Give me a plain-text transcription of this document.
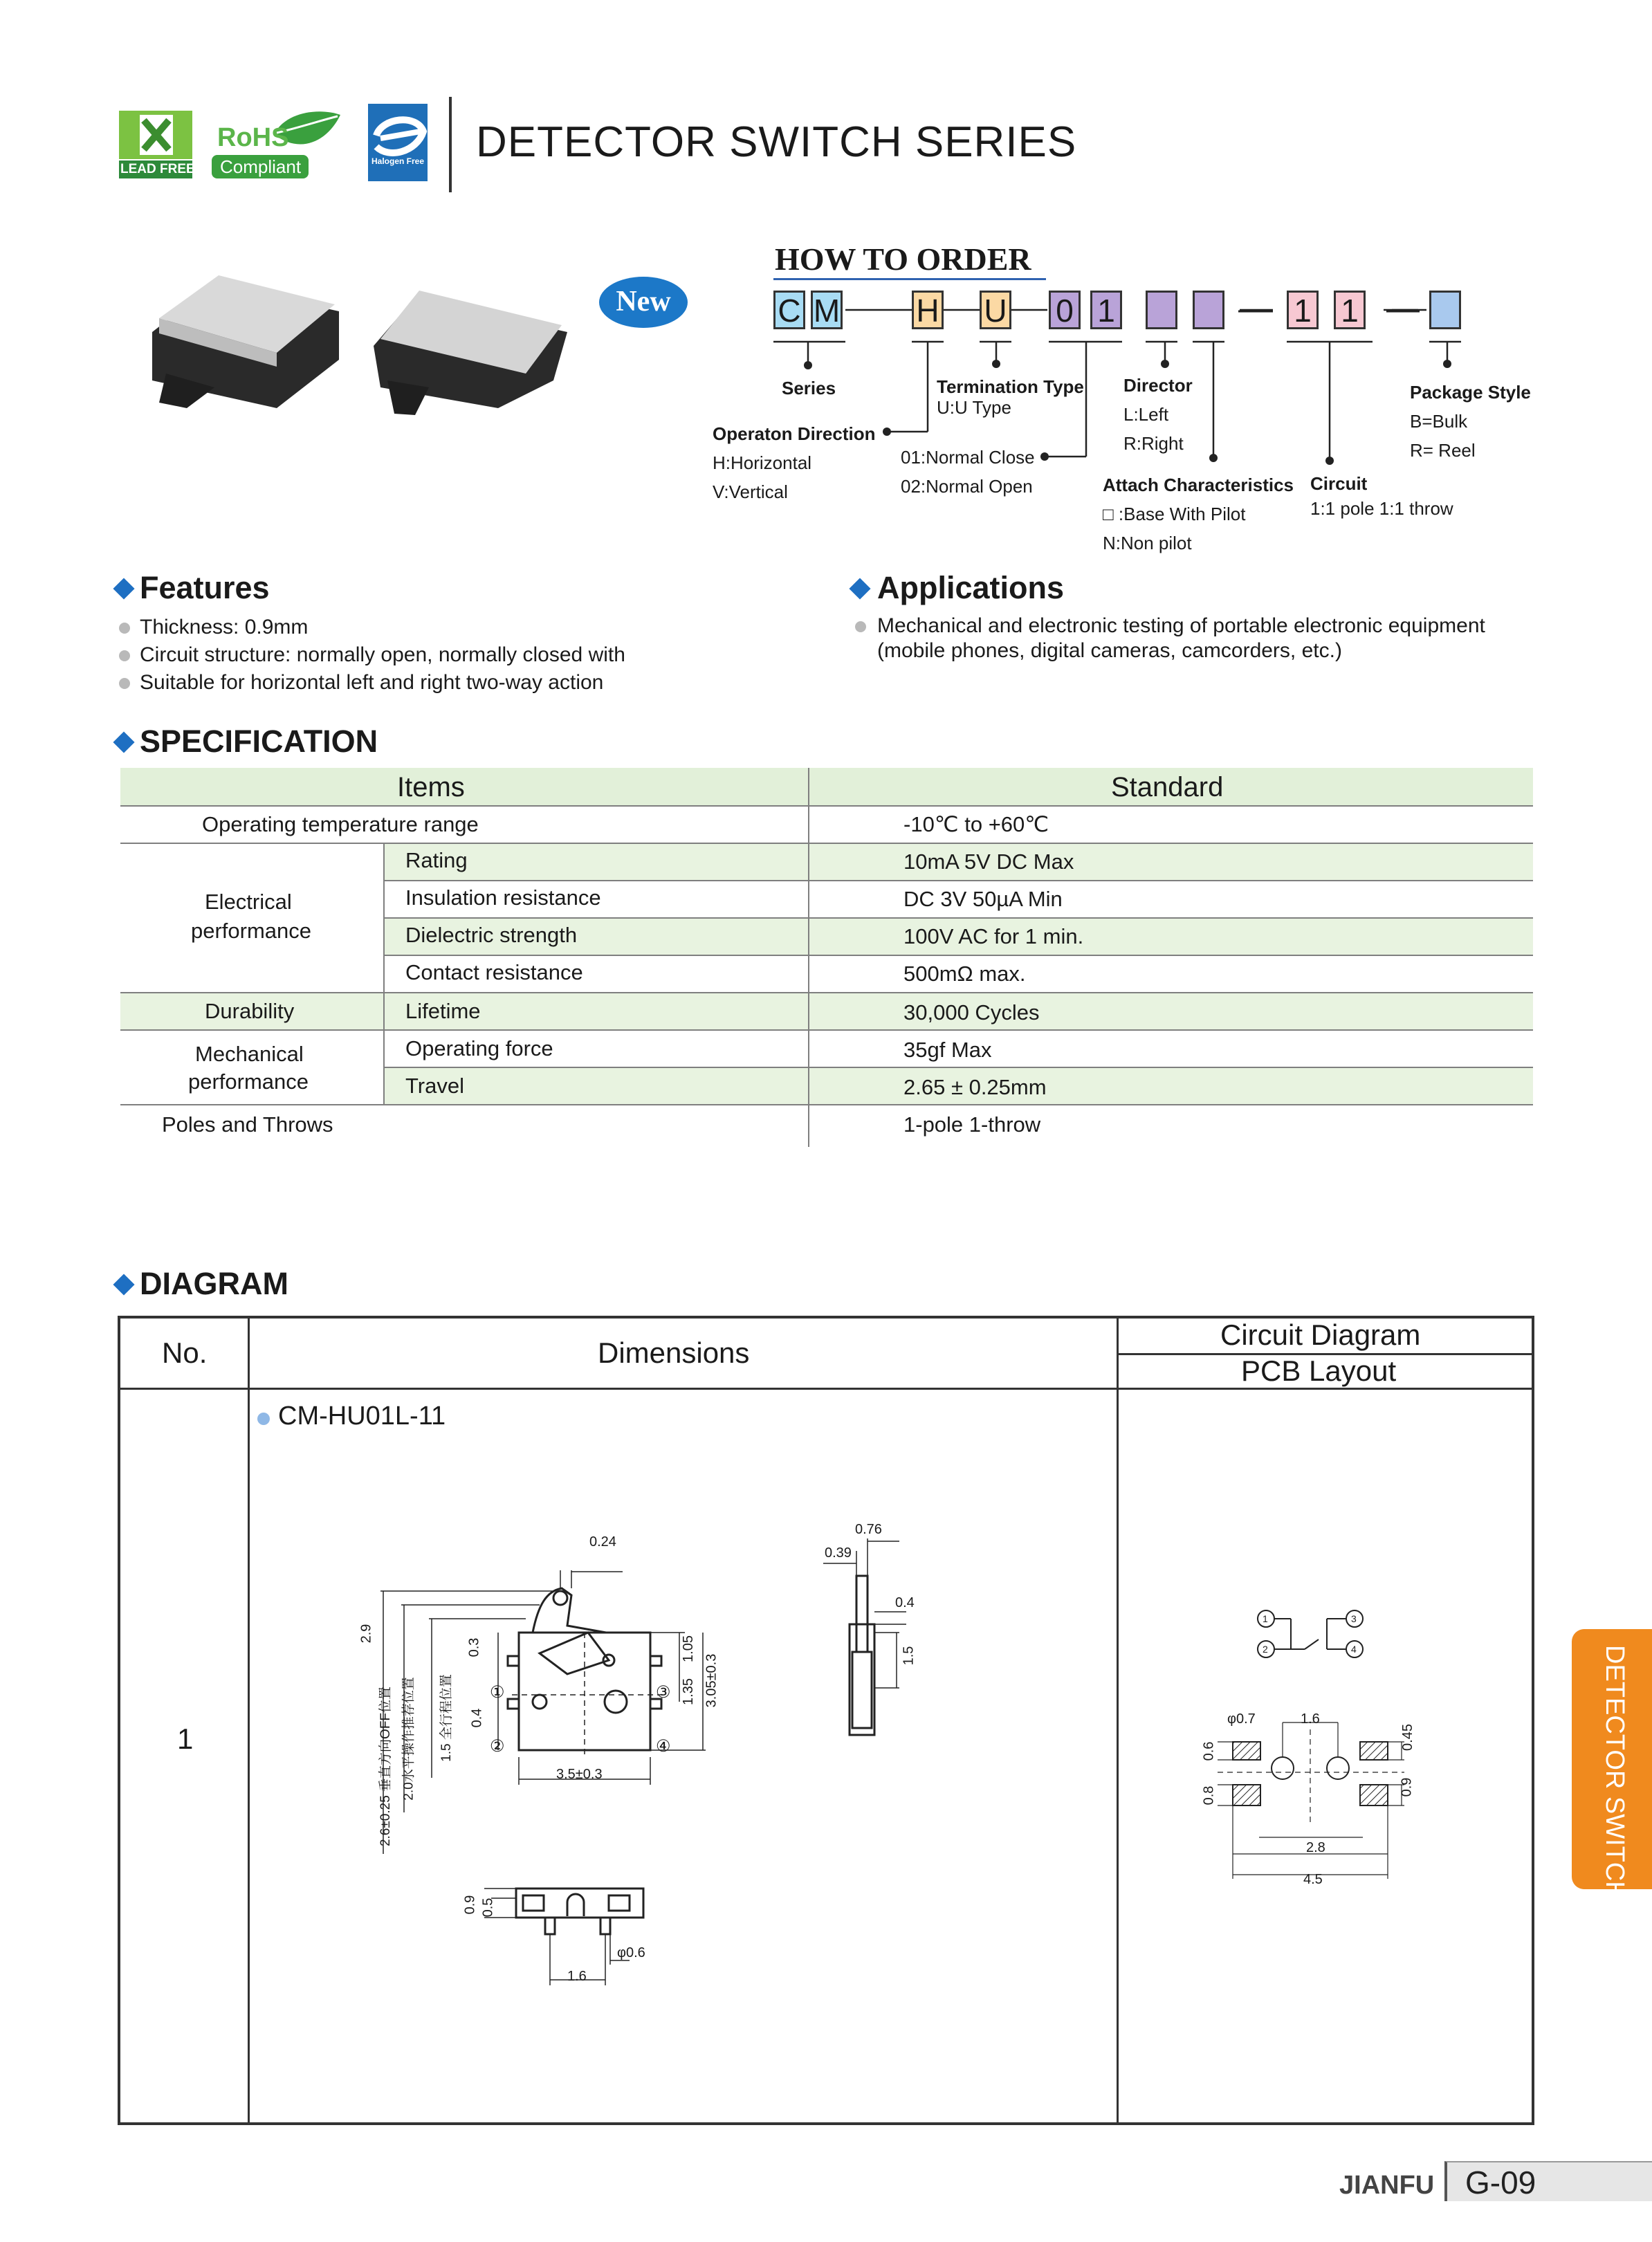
LEAD FREE
RoHS
Compliant	Halogen Free DETECTOR SWITCH SERIES
New
HOW TO ORDER
C M H U 0 1	1 1
Series
Operaton Direction
H:Horizontal
V:Vertical
Termination Type
U:U Type
01:Normal Close
02:Normal Open
Director
L:Left
R:Right
Attach Characteristics
□ :Base With Pilot
N:Non pilot
Circuit
1:1 pole 1:1 throw
Package Style
B=Bulk
R= Reel
Features
Thickness: 0.9mm
Circuit structure: normally open, normally closed with
Suitable for horizontal left and right two-way action
Applications
Mechanical and electronic testing of portable electronic equipment
(mobile phones, digital cameras, camcorders, etc.)
SPECIFICATION
Items	Standard
Operating temperature range	-10℃ to +60℃
Electrical
performance
Rating	10mA 5V DC Max
Insulation resistance	DC 3V 50µA Min
Dielectric strength	100V AC for 1 min.
Contact resistance	500mΩ max.
Durability	Lifetime	30,000 Cycles
Mechanical
performance
Operating force	35gf Max
Travel	2.65 ± 0.25mm
Poles and Throws	1-pole 1-throw
DIAGRAM
No.	Dimensions
Circuit Diagram
PCB Layout
1
CM-HU01L-11
0.24
2.9
0.3
0.4
1.05
1.35 3.05±0.3
3.5±0.3
2.6±0.25 垂直方向OFF位置 2.0水平操作推荐位置 1.5 全行程位置 ①
②
③
④
0.76
0.39
0.4
1.5
0.9 0.5
1.6
φ0.6
1
2
3
4
φ0.7	1.6
0.6
0.8
0.45
0.9
2.8
4.5	DETECTOR SWITCH
JIANFU G-09
